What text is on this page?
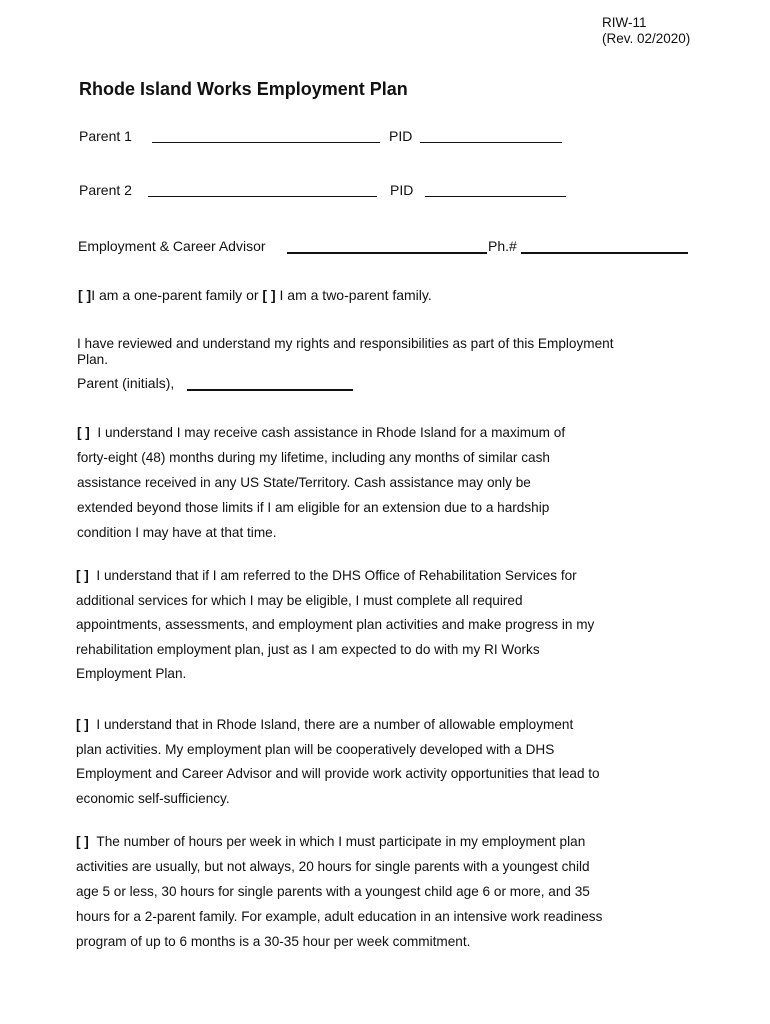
RIW-11
(Rev. 02/2020)
Rhode Island Works Employment Plan
Parent 1	PID
Parent 2	PID
Employment & Career Advisor	Ph.#
[ ]I am a one-parent family or [ ] I am a two-parent family.
I have reviewed and understand my rights and responsibilities as part of this Employment
Plan.
Parent (initials),
[ ] I understand I may receive cash assistance in Rhode Island for a maximum of
forty-eight (48) months during my lifetime, including any months of similar cash
assistance received in any US State/Territory. Cash assistance may only be
extended beyond those limits if I am eligible for an extension due to a hardship
condition I may have at that time.
[ ] I understand that if I am referred to the DHS Office of Rehabilitation Services for
additional services for which I may be eligible, I must complete all required
appointments, assessments, and employment plan activities and make progress in my
rehabilitation employment plan, just as I am expected to do with my RI Works
Employment Plan.
[ ] I understand that in Rhode Island, there are a number of allowable employment
plan activities. My employment plan will be cooperatively developed with a DHS
Employment and Career Advisor and will provide work activity opportunities that lead to
economic self-sufficiency.
[ ] The number of hours per week in which I must participate in my employment plan
activities are usually, but not always, 20 hours for single parents with a youngest child
age 5 or less, 30 hours for single parents with a youngest child age 6 or more, and 35
hours for a 2-parent family. For example, adult education in an intensive work readiness
program of up to 6 months is a 30-35 hour per week commitment.
